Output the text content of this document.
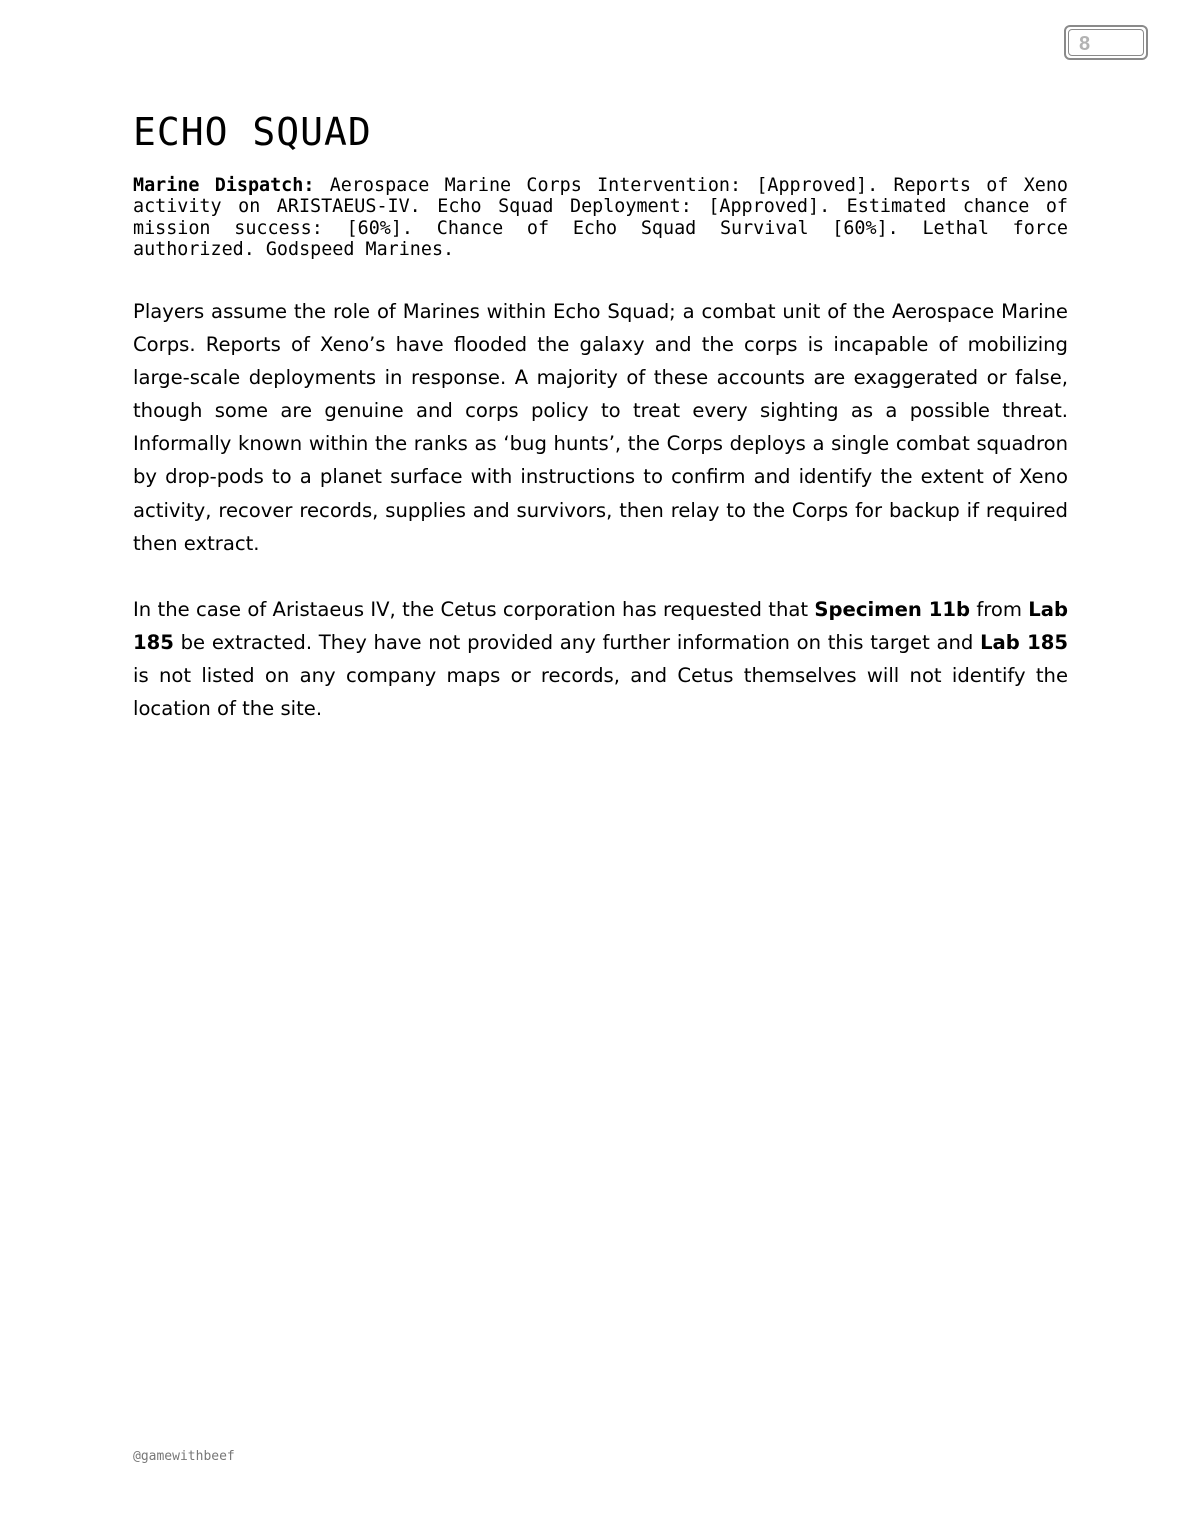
8
ECHO SQUAD

Marine Dispatch: Aerospace Marine Corps Intervention: [Approved]. Reports of Xeno activity on ARISTAEUS-IV. Echo Squad Deployment: [Approved]. Estimated chance of mission success: [60%]. Chance of Echo Squad Survival [60%]. Lethal force authorized. Godspeed Marines.

Players assume the role of Marines within Echo Squad; a combat unit of the Aerospace Marine Corps. Reports of Xeno’s have flooded the galaxy and the corps is incapable of mobilizing large-scale deployments in response. A majority of these accounts are exaggerated or false, though some are genuine and corps policy to treat every sighting as a possible threat. Informally known within the ranks as ‘bug hunts’, the Corps deploys a single combat squadron by drop-pods to a planet surface with instructions to confirm and identify the extent of Xeno activity, recover records, supplies and survivors, then relay to the Corps for backup if required then extract.

In the case of Aristaeus IV, the Cetus corporation has requested that Specimen 11b from Lab 185 be extracted. They have not provided any further information on this target and Lab 185 is not listed on any company maps or records, and Cetus themselves will not identify the location of the site.

@gamewithbeef
